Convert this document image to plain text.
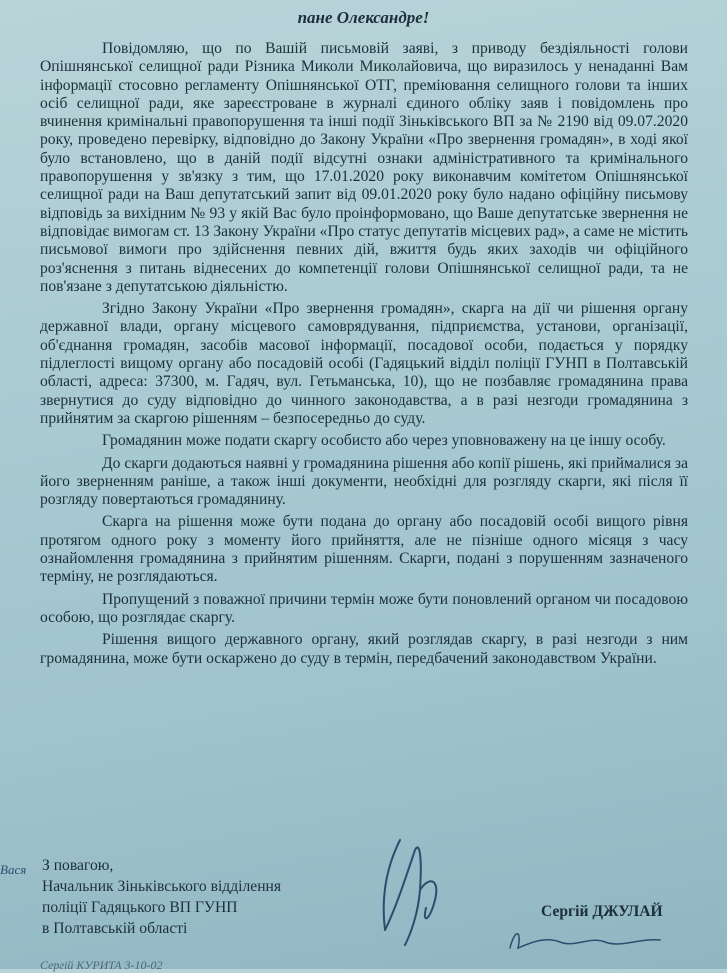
пане Олександре!

Повідомляю, що по Вашій письмовій заяві, з приводу бездіяльності голови Опішнянської селищної ради Різника Миколи Миколайовича, що виразилось у ненаданні Вам інформації стосовно регламенту Опішнянської ОТГ, преміювання селищного голови та інших осіб селищної ради, яке зареєстроване в журналі єдиного обліку заяв і повідомлень про вчинення кримінальні правопорушення та інші події Зіньківського ВП за № 2190 від 09.07.2020 року, проведено перевірку, відповідно до Закону України «Про звернення громадян», в ході якої було встановлено, що в даній події відсутні ознаки адміністративного та кримінального правопорушення у зв'язку з тим, що 17.01.2020 року виконавчим комітетом Опішнянської селищної ради на Ваш депутатський запит від 09.01.2020 року було надано офіційну письмову відповідь за вихідним № 93 у якій Вас було проінформовано, що Ваше депутатське звернення не відповідає вимогам ст. 13 Закону України «Про статус депутатів місцевих рад», а саме не містить письмової вимоги про здійснення певних дій, вжиття будь яких заходів чи офіційного роз'яснення з питань віднесених до компетенції голови Опішнянської селищної ради, та не пов'язане з депутатською діяльністю.

Згідно Закону України «Про звернення громадян», скарга на дії чи рішення органу державної влади, органу місцевого самоврядування, підприємства, установи, організації, об'єднання громадян, засобів масової інформації, посадової особи, подається у порядку підлеглості вищому органу або посадовій особі (Гадяцький відділ поліції ГУНП в Полтавській області, адреса: 37300, м. Гадяч, вул. Гетьманська, 10), що не позбавляє громадянина права звернутися до суду відповідно до чинного законодавства, а в разі незгоди громадянина з прийнятим за скаргою рішенням – безпосередньо до суду.

Громадянин може подати скаргу особисто або через уповноважену на це іншу особу.

До скарги додаються наявні у громадянина рішення або копії рішень, які приймалися за його зверненням раніше, а також інші документи, необхідні для розгляду скарги, які після її розгляду повертаються громадянину.

Скарга на рішення може бути подана до органу або посадовій особі вищого рівня протягом одного року з моменту його прийняття, але не пізніше одного місяця з часу ознайомлення громадянина з прийнятим рішенням. Скарги, подані з порушенням зазначеного терміну, не розглядаються.

Пропущений з поважної причини термін може бути поновлений органом чи посадовою особою, що розглядає скаргу.

Рішення вищого державного органу, який розглядав скаргу, в разі незгоди з ним громадянина, може бути оскаржено до суду в термін, передбачений законодавством України.

Вася З повагою,
Начальник Зіньківського відділення
поліції Гадяцького ВП ГУНП
в Полтавській області
Сергій ДЖУЛАЙ
Сергій КУРИТА 3-10-02
